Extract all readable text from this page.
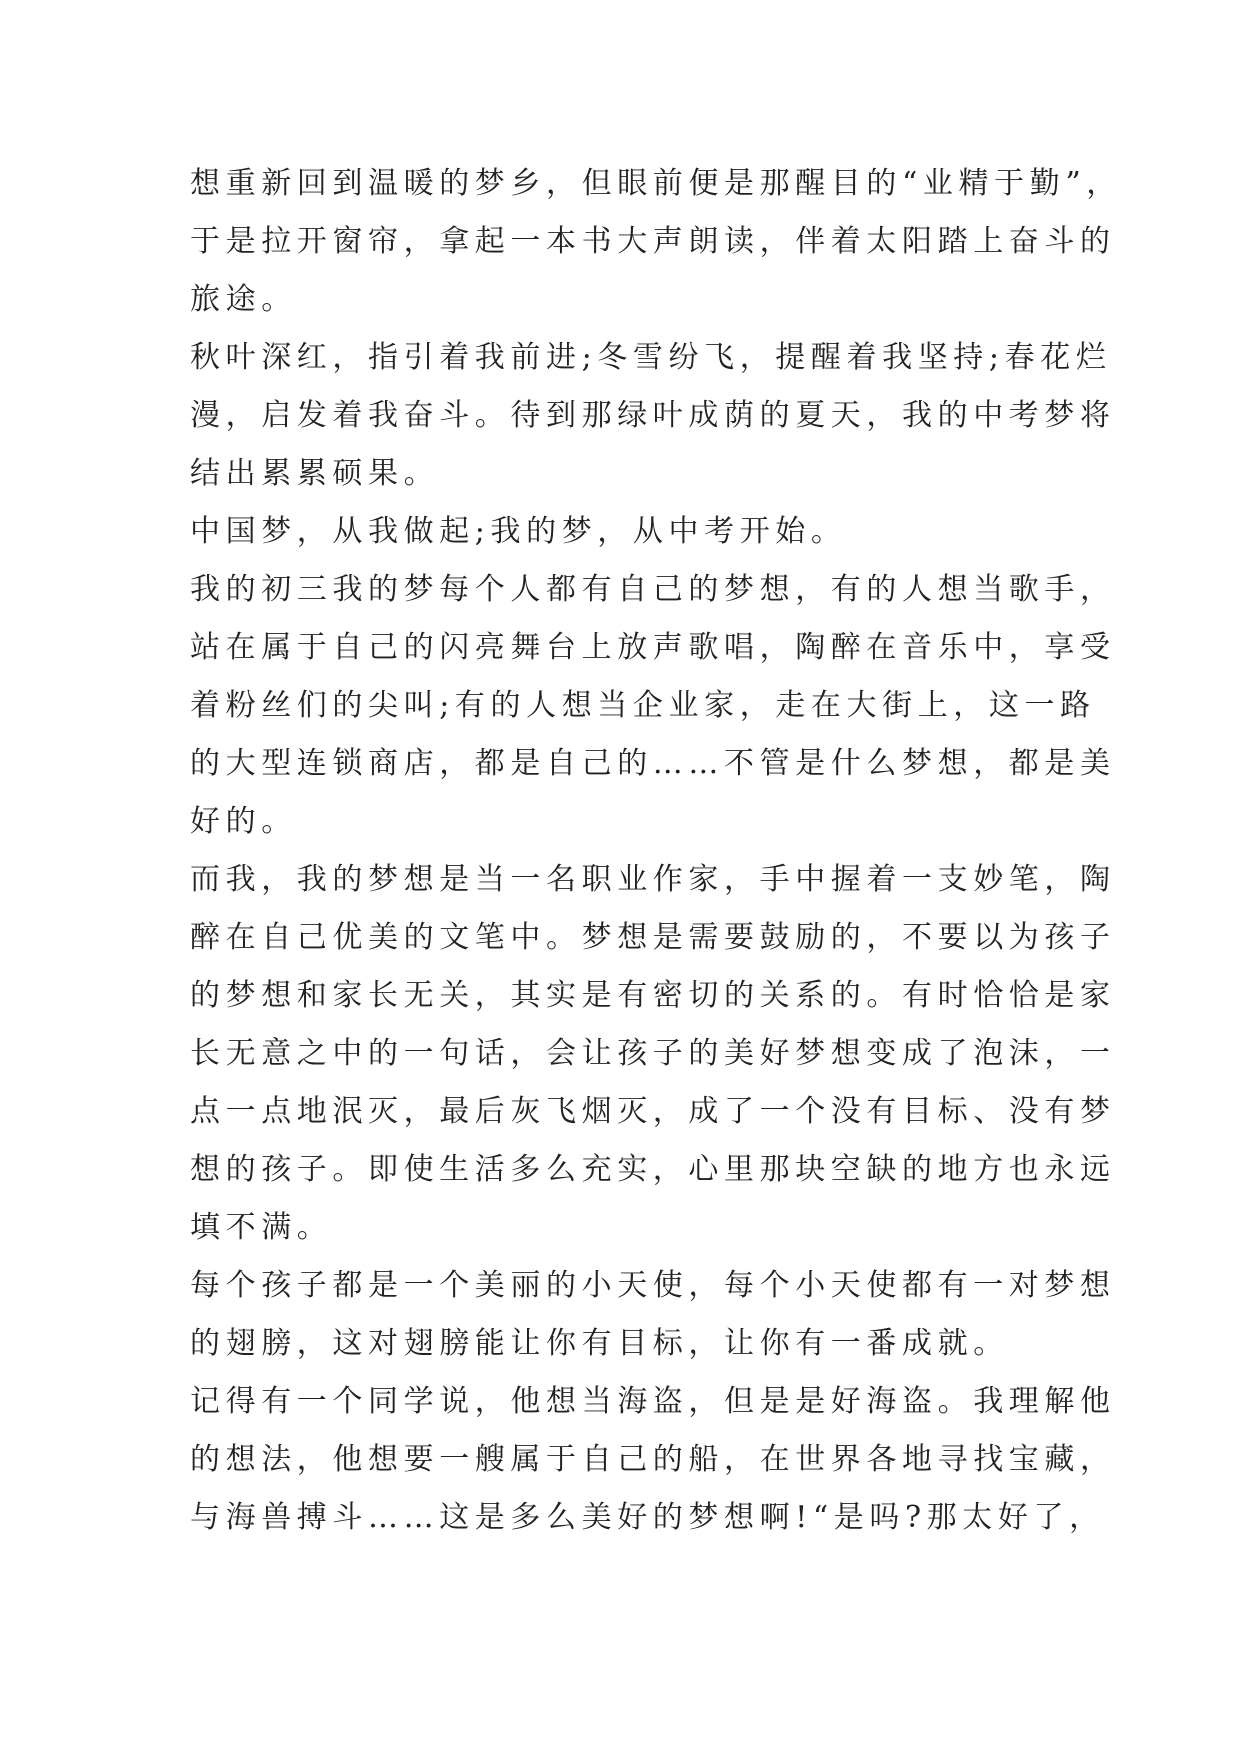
想重新回到温暖的梦乡，但眼前便是那醒目的“业精于勤”，
于是拉开窗帘，拿起一本书大声朗读，伴着太阳踏上奋斗的
旅途。
秋叶深红，指引着我前进;冬雪纷飞，提醒着我坚持;春花烂
漫，启发着我奋斗。待到那绿叶成荫的夏天，我的中考梦将
结出累累硕果。
中国梦，从我做起;我的梦，从中考开始。
我的初三我的梦每个人都有自己的梦想，有的人想当歌手，
站在属于自己的闪亮舞台上放声歌唱，陶醉在音乐中，享受
着粉丝们的尖叫;有的人想当企业家，走在大街上，这一路
的大型连锁商店，都是自己的……不管是什么梦想，都是美
好的。
而我，我的梦想是当一名职业作家，手中握着一支妙笔，陶
醉在自己优美的文笔中。梦想是需要鼓励的，不要以为孩子
的梦想和家长无关，其实是有密切的关系的。有时恰恰是家
长无意之中的一句话，会让孩子的美好梦想变成了泡沫，一
点一点地泯灭，最后灰飞烟灭，成了一个没有目标、没有梦
想的孩子。即使生活多么充实，心里那块空缺的地方也永远
填不满。
每个孩子都是一个美丽的小天使，每个小天使都有一对梦想
的翅膀，这对翅膀能让你有目标，让你有一番成就。
记得有一个同学说，他想当海盗，但是是好海盗。我理解他
的想法，他想要一艘属于自己的船，在世界各地寻找宝藏，
与海兽搏斗……这是多么美好的梦想啊!“是吗?那太好了，
